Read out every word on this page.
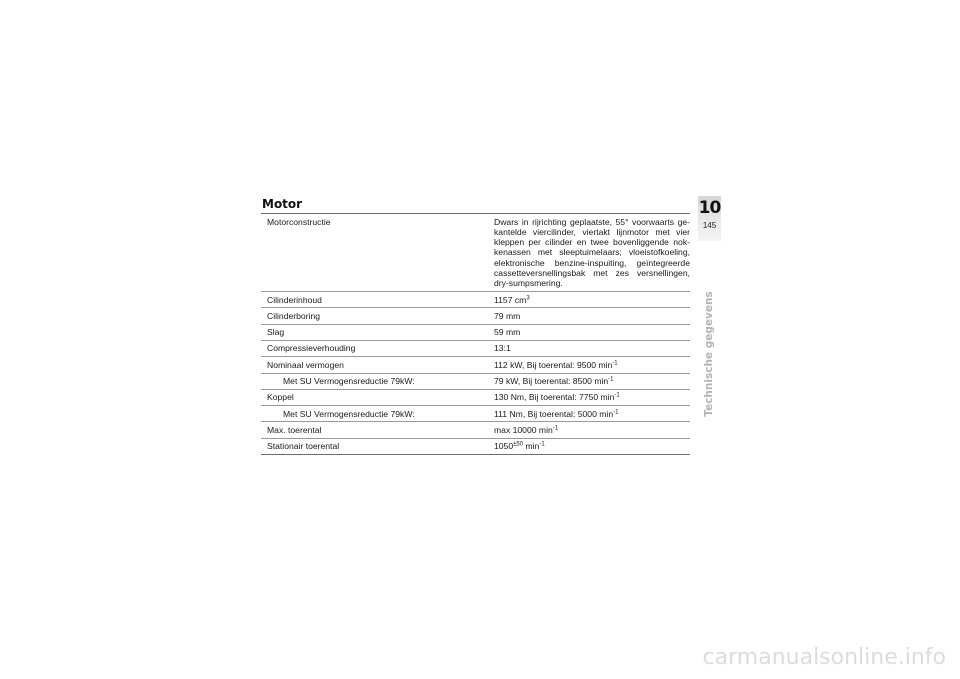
Motor
Motorconstructie	Dwars in rijrichting geplaatste, 55° voorwaarts ge-kantelde viercilinder, viertakt lijnmotor met vier kleppen per cilinder en twee bovenliggende nok-kenassen met sleeptuimelaars; vloeistofkoeling, elektronische benzine-inspuiting, geïntegreerde cassetteversnellingsbak met zes versnellingen, dry-sumpsmering.
Cilinderinhoud	1157 $cm^3$
Cilinderboring	79 mm
Slag	59 mm
Compressieverhouding	13:1
Nominaal vermogen	112 kW, Bij toerental: 9500 $\min^{-1}$
Met SU Vermogensreductie 79kW:	79 kW, Bij toerental: 8500 $\min^{-1}$
Koppel	130 Nm, Bij toerental: 7750 $\min^{-1}$
Met SU Vermogensreductie 79kW:	111 Nm, Bij toerental: 5000 $\min^{-1}$
Max. toerental	max 10000 $\min^{-1}$
Stationair toerental	$1050^{\pm 50}$ $\min^{-1}$
10
145
Technische gegevens
carmanualsonline.info
